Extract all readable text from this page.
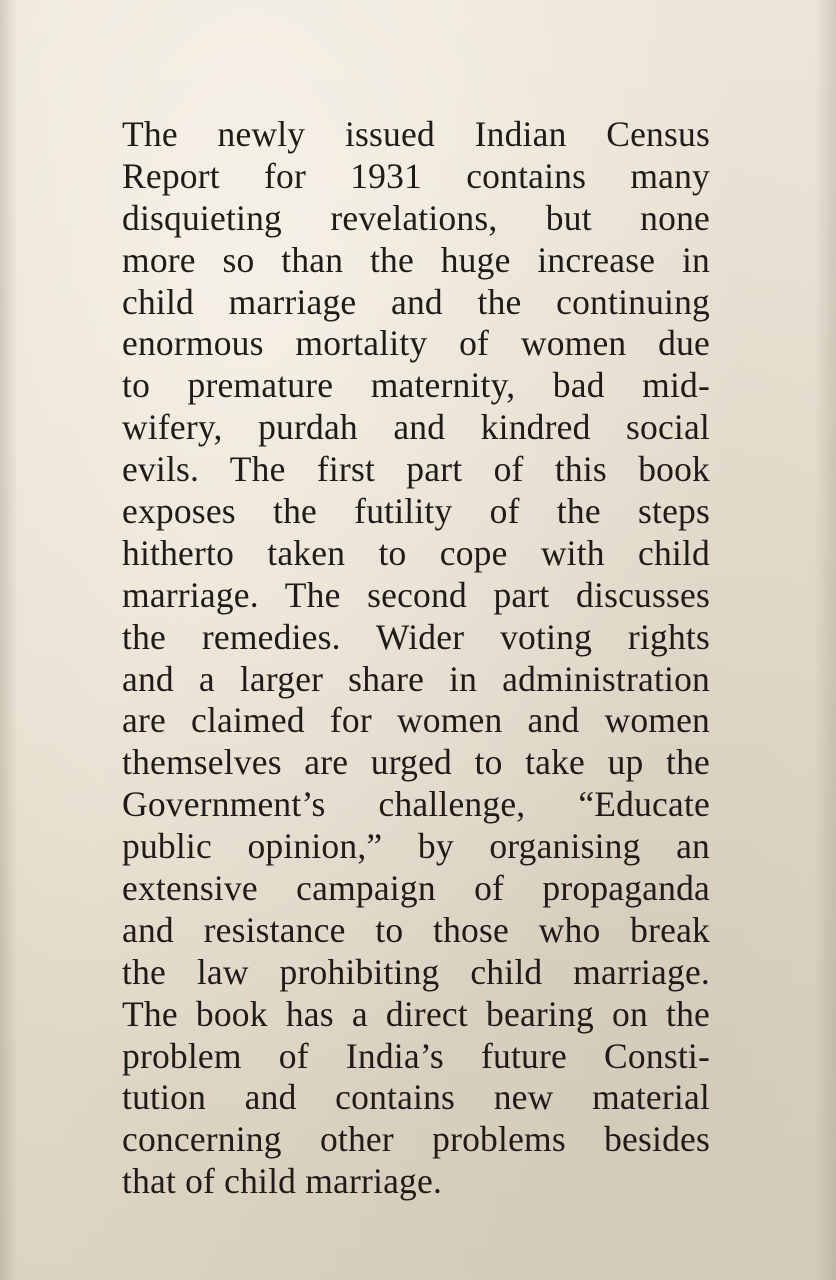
The newly issued Indian Census
Report for 1931 contains many
disquieting revelations, but none
more so than the huge increase in
child marriage and the continuing
enormous mortality of women due
to premature maternity, bad mid-
wifery, purdah and kindred social
evils. The first part of this book
exposes the futility of the steps
hitherto taken to cope with child
marriage. The second part discusses
the remedies. Wider voting rights
and a larger share in administration
are claimed for women and women
themselves are urged to take up the
Government’s challenge, “Educate
public opinion,” by organising an
extensive campaign of propaganda
and resistance to those who break
the law prohibiting child marriage.
The book has a direct bearing on the
problem of India’s future Consti-
tution and contains new material
concerning other problems besides
that of child marriage.
